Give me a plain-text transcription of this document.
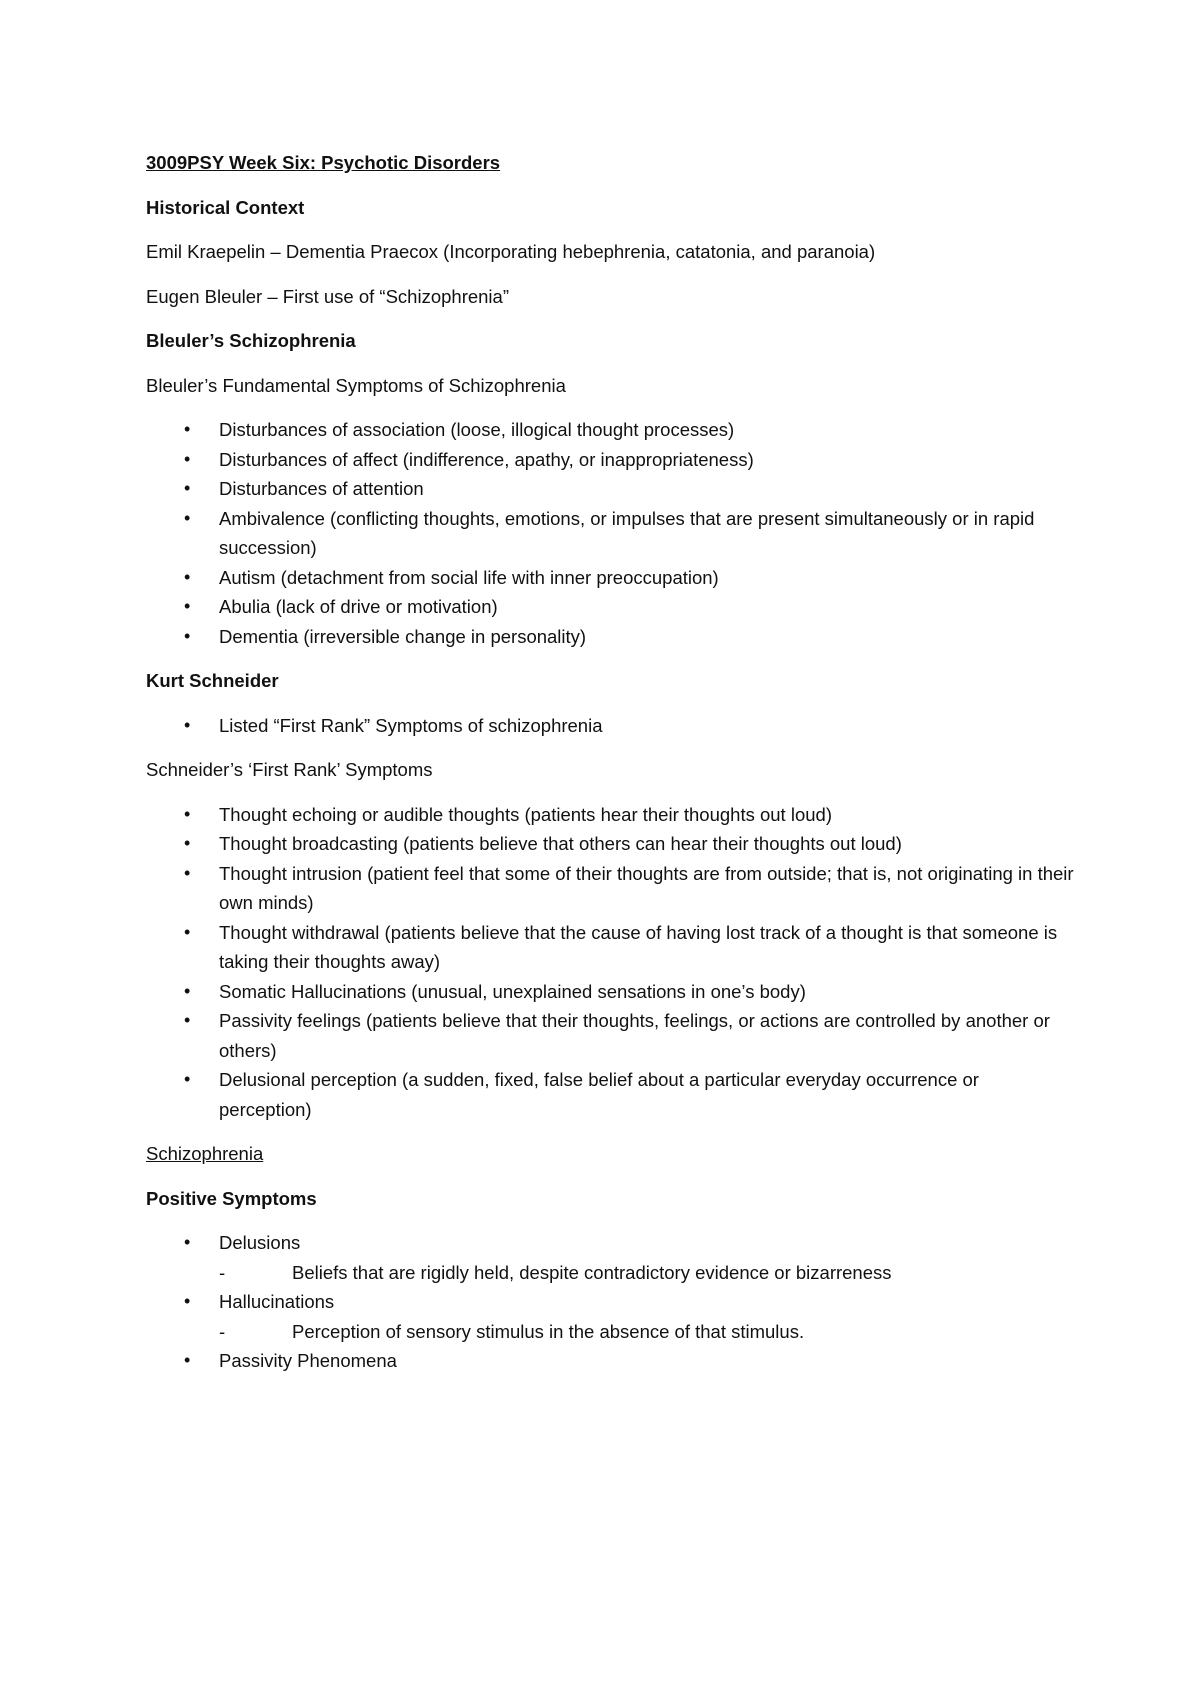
3009PSY Week Six: Psychotic Disorders
Historical Context
Emil Kraepelin – Dementia Praecox (Incorporating hebephrenia, catatonia, and paranoia)
Eugen Bleuler – First use of “Schizophrenia”
Bleuler’s Schizophrenia
Bleuler’s Fundamental Symptoms of Schizophrenia
• Disturbances of association (loose, illogical thought processes)
• Disturbances of affect (indifference, apathy, or inappropriateness)
• Disturbances of attention
• Ambivalence (conflicting thoughts, emotions, or impulses that are present simultaneously or in rapid succession)
• Autism (detachment from social life with inner preoccupation)
• Abulia (lack of drive or motivation)
• Dementia (irreversible change in personality)
Kurt Schneider
• Listed “First Rank” Symptoms of schizophrenia
Schneider’s ‘First Rank’ Symptoms
• Thought echoing or audible thoughts (patients hear their thoughts out loud)
• Thought broadcasting (patients believe that others can hear their thoughts out loud)
• Thought intrusion (patient feel that some of their thoughts are from outside; that is, not originating in their own minds)
• Thought withdrawal (patients believe that the cause of having lost track of a thought is that someone is taking their thoughts away)
• Somatic Hallucinations (unusual, unexplained sensations in one’s body)
• Passivity feelings (patients believe that their thoughts, feelings, or actions are controlled by another or others)
• Delusional perception (a sudden, fixed, false belief about a particular everyday occurrence or perception)
Schizophrenia
Positive Symptoms
• Delusions
- Beliefs that are rigidly held, despite contradictory evidence or bizarreness
• Hallucinations
- Perception of sensory stimulus in the absence of that stimulus.
• Passivity Phenomena
